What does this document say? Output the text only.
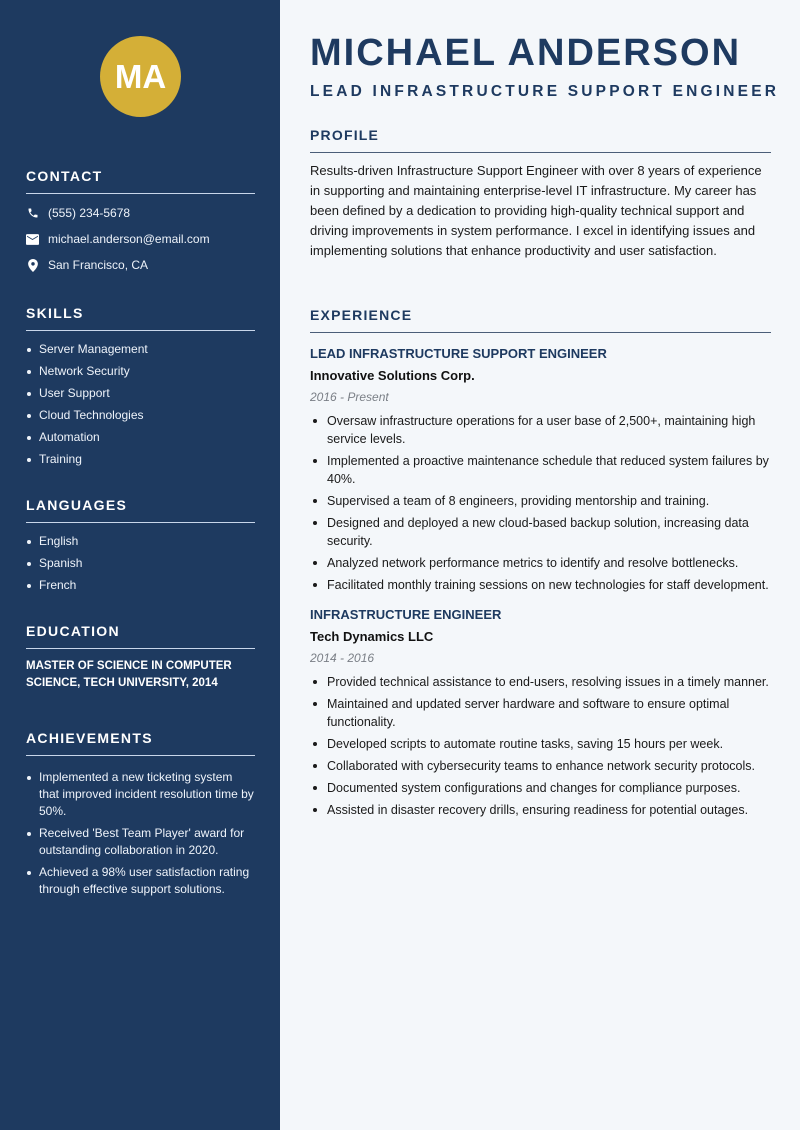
MA
CONTACT
(555) 234-5678
michael.anderson@email.com
San Francisco, CA
SKILLS
Server Management
Network Security
User Support
Cloud Technologies
Automation
Training
LANGUAGES
English
Spanish
French
EDUCATION

MASTER OF SCIENCE IN COMPUTER SCIENCE, TECH UNIVERSITY, 2014

ACHIEVEMENTS
Implemented a new ticketing system that improved incident resolution time by 50%.
Received 'Best Team Player' award for outstanding collaboration in 2020.
Achieved a 98% user satisfaction rating through effective support solutions.
MICHAEL ANDERSON
LEAD INFRASTRUCTURE SUPPORT ENGINEER
PROFILE

Results-driven Infrastructure Support Engineer with over 8 years of experience in supporting and maintaining enterprise-level IT infrastructure. My career has been defined by a dedication to providing high-quality technical support and driving improvements in system performance. I excel in identifying issues and implementing solutions that enhance productivity and user satisfaction.

EXPERIENCE
LEAD INFRASTRUCTURE SUPPORT ENGINEER
Innovative Solutions Corp.
2016 - Present
Oversaw infrastructure operations for a user base of 2,500+, maintaining high service levels.
Implemented a proactive maintenance schedule that reduced system failures by 40%.
Supervised a team of 8 engineers, providing mentorship and training.
Designed and deployed a new cloud-based backup solution, increasing data security.
Analyzed network performance metrics to identify and resolve bottlenecks.
Facilitated monthly training sessions on new technologies for staff development.
INFRASTRUCTURE ENGINEER
Tech Dynamics LLC
2014 - 2016
Provided technical assistance to end-users, resolving issues in a timely manner.
Maintained and updated server hardware and software to ensure optimal functionality.
Developed scripts to automate routine tasks, saving 15 hours per week.
Collaborated with cybersecurity teams to enhance network security protocols.
Documented system configurations and changes for compliance purposes.
Assisted in disaster recovery drills, ensuring readiness for potential outages.
